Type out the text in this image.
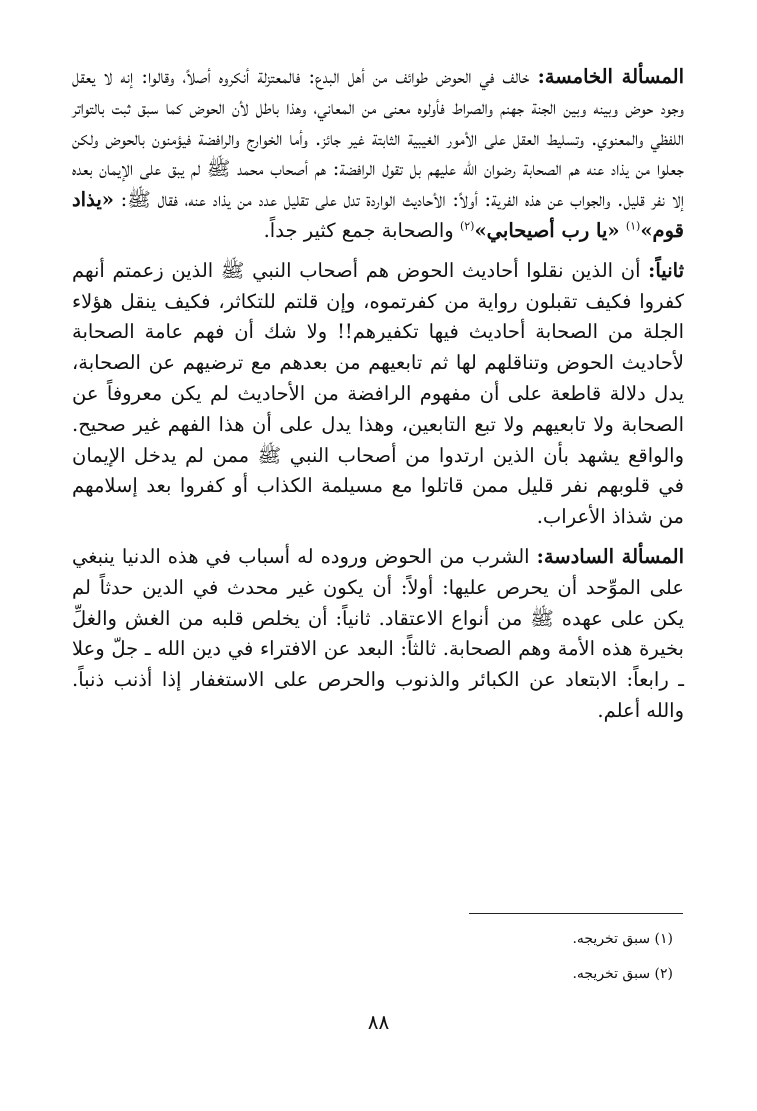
المسألة الخامسة: خالف في الحوض طوائف من أهل البدع: فالمعتزلة أنكروه أصلاً، وقالوا: إنه لا يعقل وجود حوض وبينه وبين الجنة جهنم والصراط فأولوه معنى من المعاني، وهذا باطل لأن الحوض كما سبق ثبت بالتواتر اللفظي والمعنوي. وتسليط العقل على الأمور الغيبية الثابتة غير جائز. وأما الخوارج والرافضة فيؤمنون بالحوض ولكن جعلوا من يذاد عنه هم الصحابة رضوان الله عليهم بل تقول الرافضة: هم أصحاب محمد ﷺ لم يبق على الإيمان بعده إلا نفر قليل. والجواب عن هذه الفرية: أولاً: الأحاديث الواردة تدل على تقليل عدد من يذاد عنه، فقال ﷺ: «يذاد قوم»$^{(١)}$ «يا رب أصيحابي»$^{(٢)}$ والصحابة جمع كثير جداً.

ثانياً: أن الذين نقلوا أحاديث الحوض هم أصحاب النبي ﷺ الذين زعمتم أنهم كفروا فكيف تقبلون رواية من كفرتموه، وإن قلتم للتكاثر، فكيف ينقل هؤلاء الجلة من الصحابة أحاديث فيها تكفيرهم!! ولا شك أن فهم عامة الصحابة لأحاديث الحوض وتناقلهم لها ثم تابعيهم من بعدهم مع ترضيهم عن الصحابة، يدل دلالة قاطعة على أن مفهوم الرافضة من الأحاديث لم يكن معروفاً عن الصحابة ولا تابعيهم ولا تبع التابعين، وهذا يدل على أن هذا الفهم غير صحيح. والواقع يشهد بأن الذين ارتدوا من أصحاب النبي ﷺ ممن لم يدخل الإيمان في قلوبهم نفر قليل ممن قاتلوا مع مسيلمة الكذاب أو كفروا بعد إسلامهم من شذاذ الأعراب.

المسألة السادسة: الشرب من الحوض وروده له أسباب في هذه الدنيا ينبغي على الموِّحد أن يحرص عليها: أولاً: أن يكون غير محدث في الدين حدثاً لم يكن على عهده ﷺ من أنواع الاعتقاد. ثانياً: أن يخلص قلبه من الغش والغلِّ بخيرة هذه الأمة وهم الصحابة. ثالثاً: البعد عن الافتراء في دين الله ـ جلّ وعلا ـ رابعاً: الابتعاد عن الكبائر والذنوب والحرص على الاستغفار إذا أذنب ذنباً. والله أعلم.

(١) سبق تخريجه.
(٢) سبق تخريجه.
٨٨
